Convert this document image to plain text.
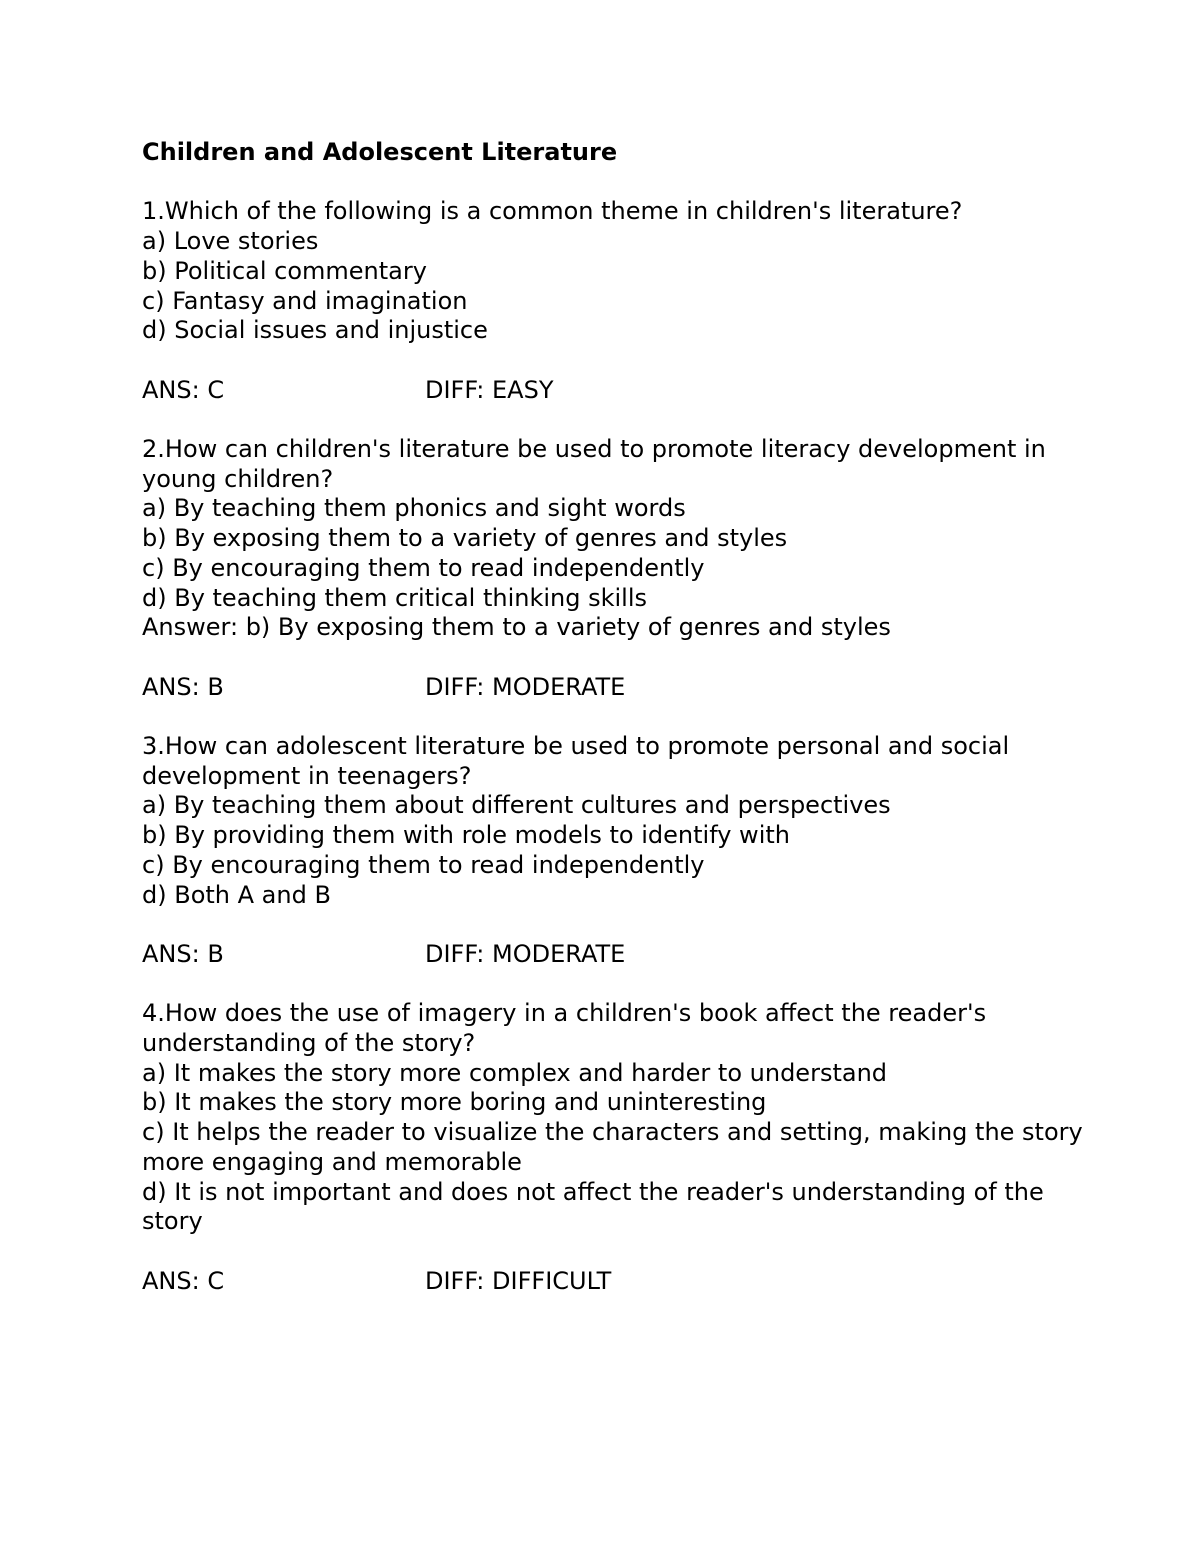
Children and Adolescent Literature
1.Which of the following is a common theme in children's literature?
a) Love stories
b) Political commentary
c) Fantasy and imagination
d) Social issues and injustice
ANS: C	DIFF: EASY
2.How can children's literature be used to promote literacy development in young children?
a) By teaching them phonics and sight words
b) By exposing them to a variety of genres and styles
c) By encouraging them to read independently
d) By teaching them critical thinking skills
Answer: b) By exposing them to a variety of genres and styles
ANS: B	DIFF: MODERATE
3.How can adolescent literature be used to promote personal and social development in teenagers?
a) By teaching them about different cultures and perspectives
b) By providing them with role models to identify with
c) By encouraging them to read independently
d) Both A and B
ANS: B	DIFF: MODERATE
4.How does the use of imagery in a children's book affect the reader's understanding of the story?
a) It makes the story more complex and harder to understand
b) It makes the story more boring and uninteresting
c) It helps the reader to visualize the characters and setting, making the story more engaging and memorable
d) It is not important and does not affect the reader's understanding of the story
ANS: C	DIFF: DIFFICULT
